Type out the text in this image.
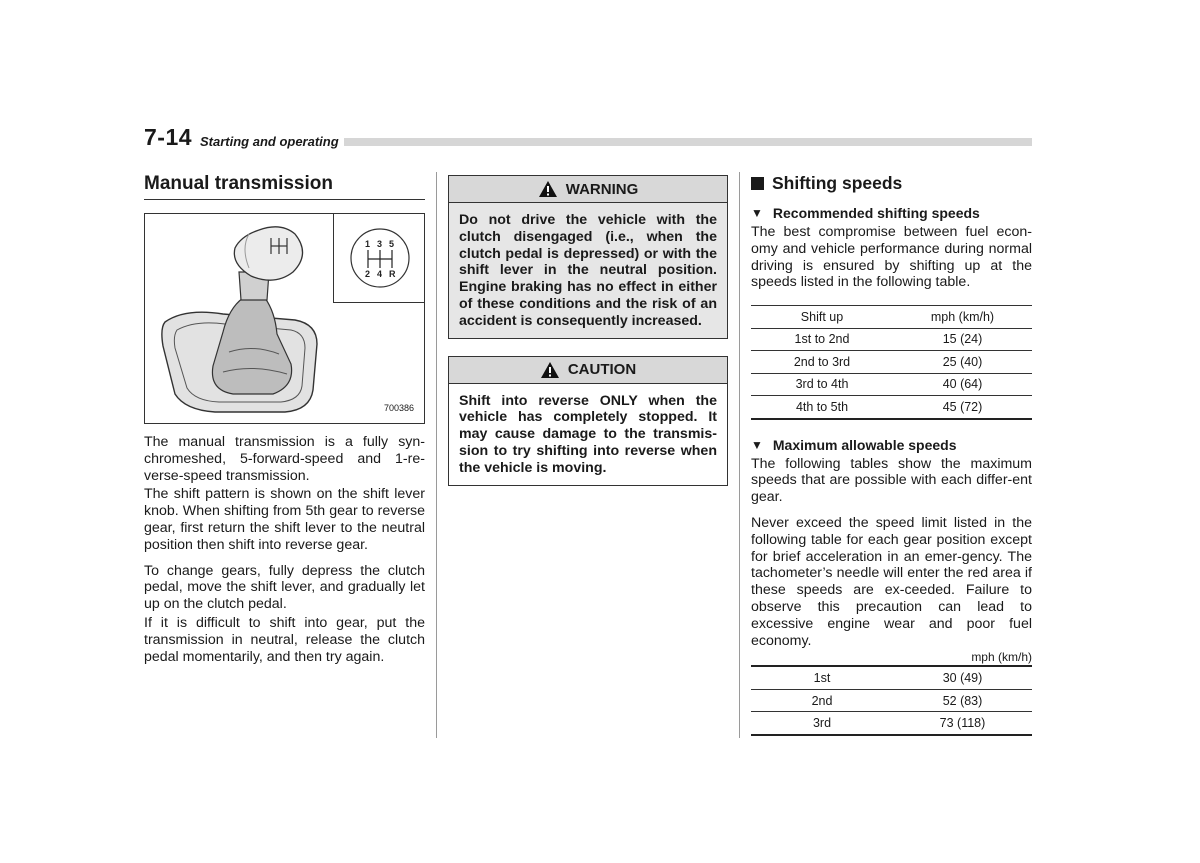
7-14 Starting and operating
Manual transmission
1 3 5
2 4 R
700386

The manual transmission is a fully syn-chromeshed, 5-forward-speed and 1-re-verse-speed transmission.

The shift pattern is shown on the shift lever knob. When shifting from 5th gear to reverse gear, first return the shift lever to the neutral position then shift into reverse gear.

To change gears, fully depress the clutch pedal, move the shift lever, and gradually let up on the clutch pedal.

If it is difficult to shift into gear, put the transmission in neutral, release the clutch pedal momentarily, and then try again.

WARNING
Do not drive the vehicle with the clutch disengaged (i.e., when the clutch pedal is depressed) or with the shift lever in the neutral position. Engine braking has no effect in either of these conditions and the risk of an accident is consequently increased.
CAUTION
Shift into reverse ONLY when the vehicle has completely stopped. It may cause damage to the transmis-sion to try shifting into reverse when the vehicle is moving.
Shifting speeds
▼ Recommended shifting speeds

The best compromise between fuel econ-omy and vehicle performance during normal driving is ensured by shifting up at the speeds listed in the following table.

Shift up	mph (km/h)
1st to 2nd	15 (24)
2nd to 3rd	25 (40)
3rd to 4th	40 (64)
4th to 5th	45 (72)
▼ Maximum allowable speeds

The following tables show the maximum speeds that are possible with each differ-ent gear.

Never exceed the speed limit listed in the following table for each gear position except for brief acceleration in an emer-gency. The tachometer’s needle will enter the red area if these speeds are ex-ceeded. Failure to observe this precaution can lead to excessive engine wear and poor fuel economy.

mph (km/h)
1st	30 (49)
2nd	52 (83)
3rd	73 (118)
